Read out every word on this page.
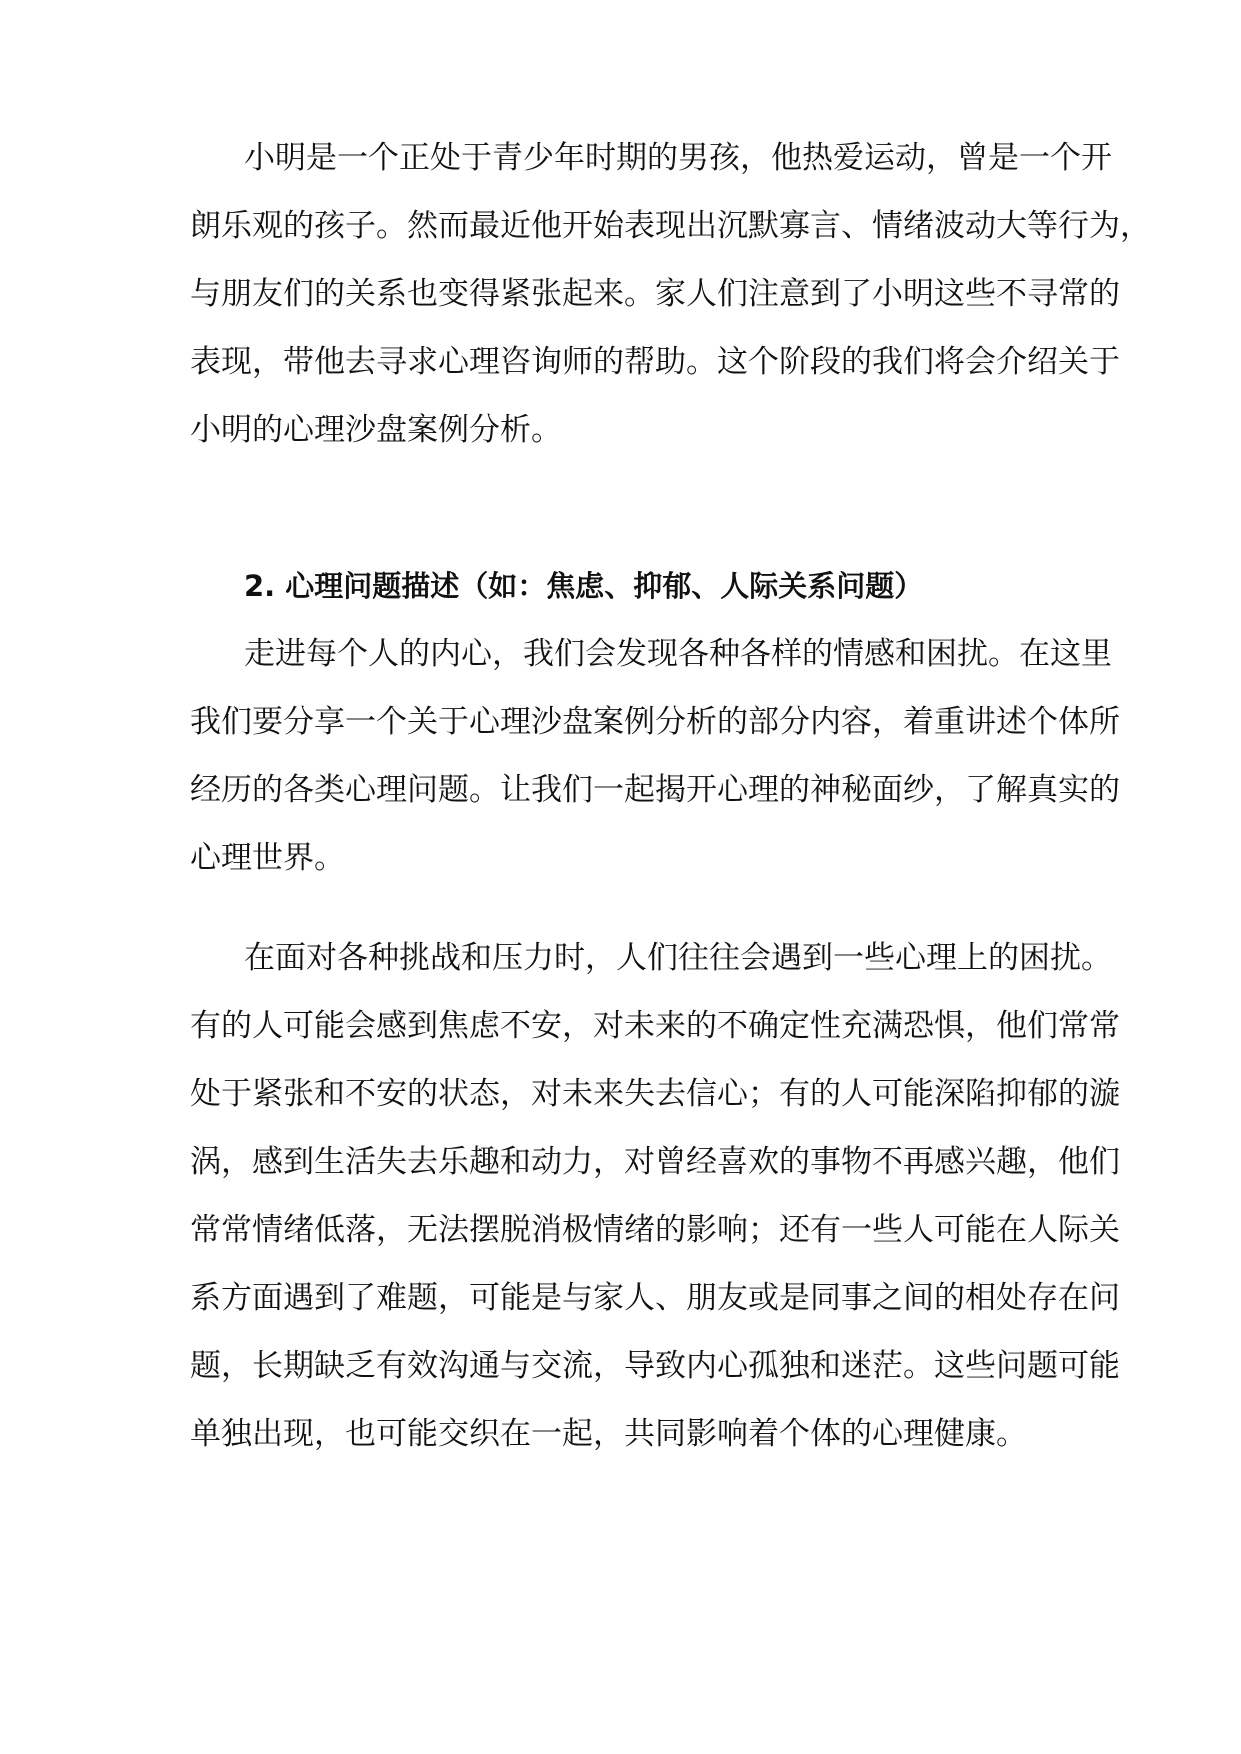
小明是一个正处于青少年时期的男孩，他热爱运动，曾是一个开
朗乐观的孩子。然而最近他开始表现出沉默寡言、情绪波动大等行为，
与朋友们的关系也变得紧张起来。家人们注意到了小明这些不寻常的
表现，带他去寻求心理咨询师的帮助。这个阶段的我们将会介绍关于
小明的心理沙盘案例分析。
2. 心理问题描述（如：焦虑、抑郁、人际关系问题）
走进每个人的内心，我们会发现各种各样的情感和困扰。在这里
我们要分享一个关于心理沙盘案例分析的部分内容，着重讲述个体所
经历的各类心理问题。让我们一起揭开心理的神秘面纱，了解真实的
心理世界。
在面对各种挑战和压力时，人们往往会遇到一些心理上的困扰。
有的人可能会感到焦虑不安，对未来的不确定性充满恐惧，他们常常
处于紧张和不安的状态，对未来失去信心；有的人可能深陷抑郁的漩
涡，感到生活失去乐趣和动力，对曾经喜欢的事物不再感兴趣，他们
常常情绪低落，无法摆脱消极情绪的影响；还有一些人可能在人际关
系方面遇到了难题，可能是与家人、朋友或是同事之间的相处存在问
题，长期缺乏有效沟通与交流，导致内心孤独和迷茫。这些问题可能
单独出现，也可能交织在一起，共同影响着个体的心理健康。
